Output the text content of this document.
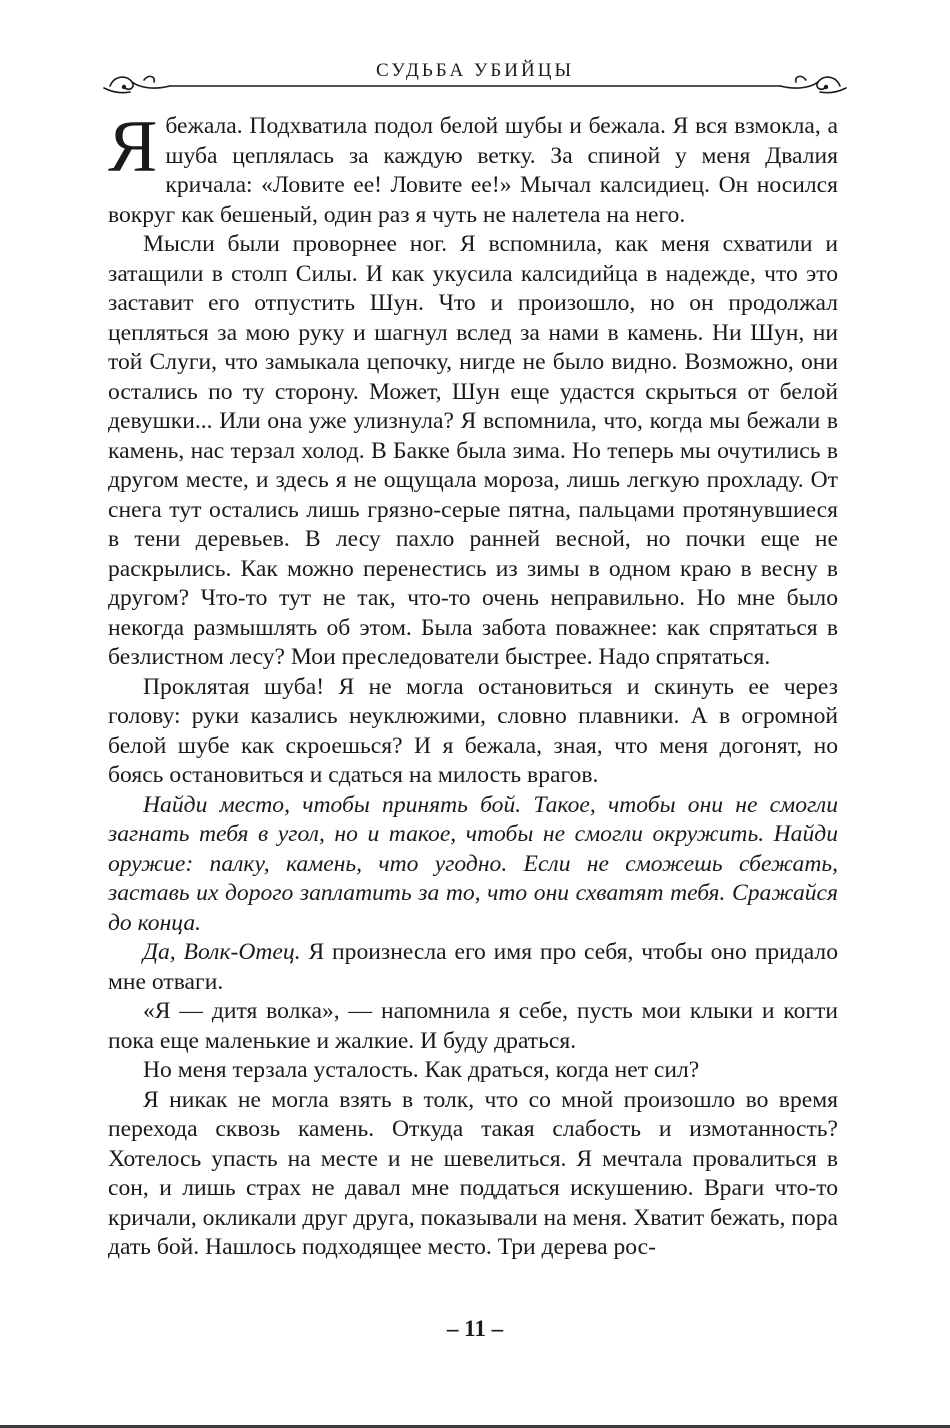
СУДЬБА УБИЙЦЫ

Я бежала. Подхватила подол белой шубы и бежала. Я вся взмокла, а шуба цеплялась за каждую ветку. За спиной у меня Двалия кричала: «Ловите ее! Ловите ее!» Мычал калсидиец. Он носился вокруг как бешеный, один раз я чуть не налетела на него.

Мысли были проворнее ног. Я вспомнила, как меня схватили и затащили в столп Силы. И как укусила калсидийца в надежде, что это заставит его отпустить Шун. Что и произошло, но он продолжал цепляться за мою руку и шагнул вслед за нами в камень. Ни Шун, ни той Слуги, что замыкала цепочку, нигде не было видно. Возможно, они остались по ту сторону. Может, Шун еще удастся скрыться от белой девушки... Или она уже улизнула? Я вспомнила, что, когда мы бежали в камень, нас терзал холод. В Бакке была зима. Но теперь мы очутились в другом месте, и здесь я не ощущала мороза, лишь легкую прохладу. От снега тут остались лишь грязно-серые пятна, пальцами протянувшиеся в тени деревьев. В лесу пахло ранней весной, но почки еще не раскрылись. Как можно перенестись из зимы в одном краю в весну в другом? Что-то тут не так, что-то очень неправильно. Но мне было некогда размышлять об этом. Была забота поважнее: как спрятаться в безлистном лесу? Мои преследователи быстрее. Надо спрятаться.

Проклятая шуба! Я не могла остановиться и скинуть ее через голову: руки казались неуклюжими, словно плавники. А в огромной белой шубе как скроешься? И я бежала, зная, что меня догонят, но боясь остановиться и сдаться на милость врагов.

Найди место, чтобы принять бой. Такое, чтобы они не смогли загнать тебя в угол, но и такое, чтобы не смогли окружить. Найди оружие: палку, камень, что угодно. Если не сможешь сбежать, заставь их дорого заплатить за то, что они схватят тебя. Сражайся до конца.

Да, Волк-Отец. Я произнесла его имя про себя, чтобы оно придало мне отваги.

«Я — дитя волка», — напомнила я себе, пусть мои клыки и когти пока еще маленькие и жалкие. И буду драться.

Но меня терзала усталость. Как драться, когда нет сил?

Я никак не могла взять в толк, что со мной произошло во время перехода сквозь камень. Откуда такая слабость и измотанность? Хотелось упасть на месте и не шевелиться. Я мечтала провалиться в сон, и лишь страх не давал мне поддаться искушению. Враги что-то кричали, окликали друг друга, показывали на меня. Хватит бежать, пора дать бой. Нашлось подходящее место. Три дерева рос-

– 11 –
